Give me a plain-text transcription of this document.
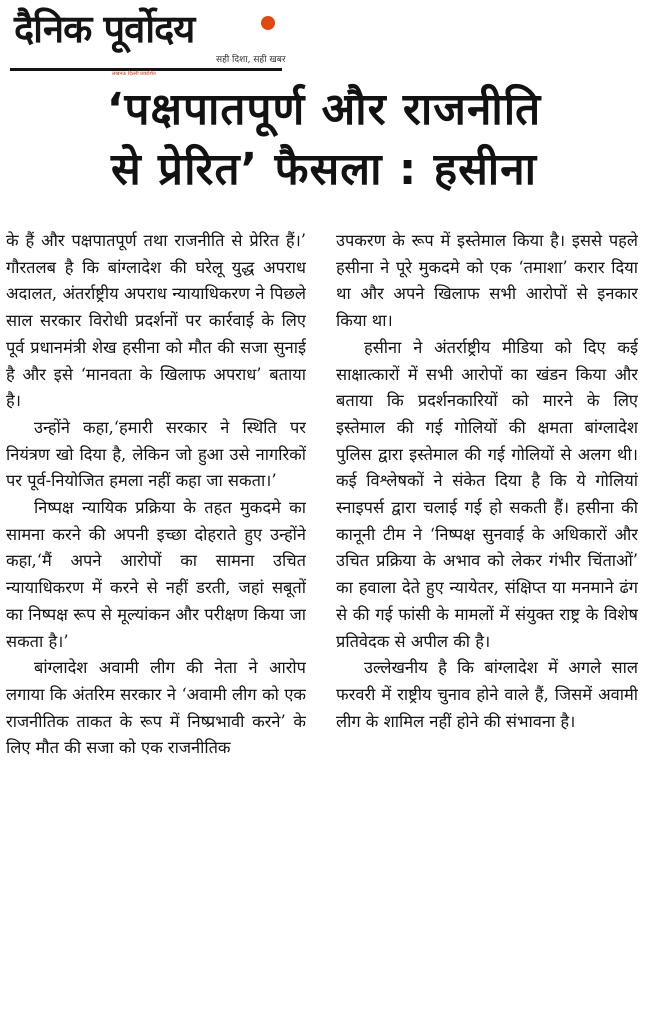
दैनिक पूर्वोदय
सही दिशा, सही खबर
लखनऊ दिल्ली प्रकाशित
‘पक्षपातपूर्ण और राजनीति
से प्रेरित’ फैसला : हसीना

के हैं और पक्षपातपूर्ण तथा राजनीति से प्रेरित हैं।’ गौरतलब है कि बांग्लादेश की घरेलू युद्ध अपराध अदालत, अंतर्राष्ट्रीय अपराध न्यायाधिकरण ने पिछले साल सरकार विरोधी प्रदर्शनों पर कार्रवाई के लिए पूर्व प्रधानमंत्री शेख हसीना को मौत की सजा सुनाई है और इसे ‘मानवता के खिलाफ अपराध’ बताया है।

उन्होंने कहा,‘हमारी सरकार ने स्थिति पर नियंत्रण खो दिया है, लेकिन जो हुआ उसे नागरिकों पर पूर्व-नियोजित हमला नहीं कहा जा सकता।’

निष्पक्ष न्यायिक प्रक्रिया के तहत मुकदमे का सामना करने की अपनी इच्छा दोहराते हुए उन्होंने कहा,‘मैं अपने आरोपों का सामना उचित न्यायाधिकरण में करने से नहीं डरती, जहां सबूतों का निष्पक्ष रूप से मूल्यांकन और परीक्षण किया जा सकता है।’

बांग्लादेश अवामी लीग की नेता ने आरोप लगाया कि अंतरिम सरकार ने ‘अवामी लीग को एक राजनीतिक ताकत के रूप में निष्प्रभावी करने’ के लिए मौत की सजा को एक राजनीतिक

उपकरण के रूप में इस्तेमाल किया है। इससे पहले हसीना ने पूरे मुकदमे को एक ‘तमाशा’ करार दिया था और अपने खिलाफ सभी आरोपों से इनकार किया था।

हसीना ने अंतर्राष्ट्रीय मीडिया को दिए कई साक्षात्कारों में सभी आरोपों का खंडन किया और बताया कि प्रदर्शनकारियों को मारने के लिए इस्तेमाल की गई गोलियों की क्षमता बांग्लादेश पुलिस द्वारा इस्तेमाल की गई गोलियों से अलग थी। कई विश्लेषकों ने संकेत दिया है कि ये गोलियां स्नाइपर्स द्वारा चलाई गई हो सकती हैं। हसीना की कानूनी टीम ने ‘निष्पक्ष सुनवाई के अधिकारों और उचित प्रक्रिया के अभाव को लेकर गंभीर चिंताओं’ का हवाला देते हुए न्यायेतर, संक्षिप्त या मनमाने ढंग से की गई फांसी के मामलों में संयुक्त राष्ट्र के विशेष प्रतिवेदक से अपील की है।

उल्लेखनीय है कि बांग्लादेश में अगले साल फरवरी में राष्ट्रीय चुनाव होने वाले हैं, जिसमें अवामी लीग के शामिल नहीं होने की संभावना है।
